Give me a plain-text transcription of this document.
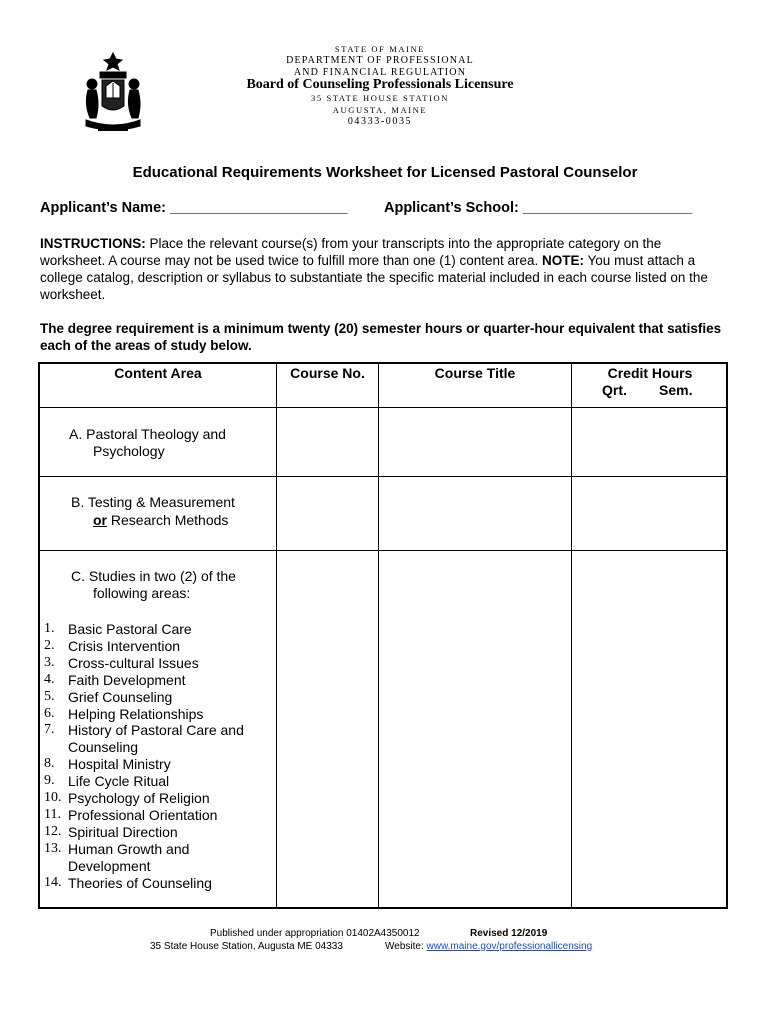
STATE OF MAINE
DEPARTMENT OF PROFESSIONAL
AND FINANCIAL REGULATION
Board of Counseling Professionals Licensure
35 STATE HOUSE STATION
AUGUSTA, MAINE
04333-0035
Educational Requirements Worksheet for Licensed Pastoral Counselor
Applicant’s Name: ______________________	Applicant’s School: _____________________
INSTRUCTIONS: Place the relevant course(s) from your transcripts into the appropriate category on the worksheet. A course may not be used twice to fulfill more than one (1) content area. NOTE: You must attach a college catalog, description or syllabus to substantiate the specific material included in each course listed on the worksheet.
The degree requirement is a minimum twenty (20) semester hours or quarter-hour equivalent that satisfies each of the areas of study below.
Content Area	Course No.	Course Title	Credit Hours
Qrt. Sem.
A. Pastoral Theology and
Psychology
B. Testing & Measurement
or Research Methods
C. Studies in two (2) of the
following areas:
1. Basic Pastoral Care
2. Crisis Intervention
3. Cross-cultural Issues
4. Faith Development
5. Grief Counseling
6. Helping Relationships
7. History of Pastoral Care and Counseling
8. Hospital Ministry
9. Life Cycle Ritual
10. Psychology of Religion
11. Professional Orientation
12. Spiritual Direction
13. Human Growth and Development
14. Theories of Counseling
Published under appropriation 01402A4350012	Revised 12/2019
35 State House Station, Augusta ME 04333	Website: www.maine.gov/professionallicensing
